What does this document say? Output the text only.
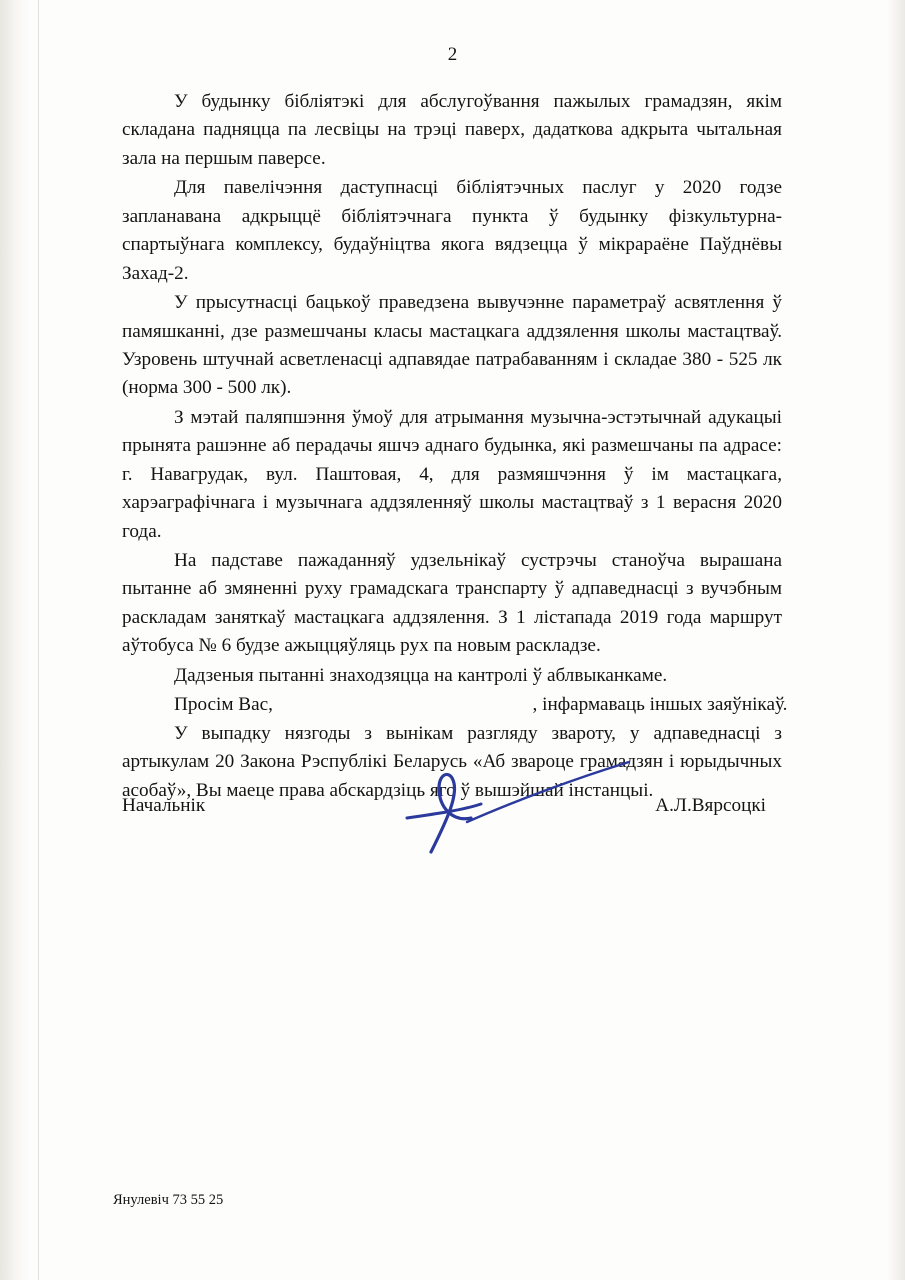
2

У будынку бібліятэкі для абслугоўвання пажылых грамадзян, якім складана падняцца па лесвіцы на трэці паверх, дадаткова адкрыта чытальная зала на першым паверсе.

Для павелічэння даступнасці бібліятэчных паслуг у 2020 годзе запланавана адкрыццё бібліятэчнага пункта ў будынку фізкультурна-спартыўнага комплексу, будаўніцтва якога вядзецца ў мікрараёне Паўднёвы Захад-2.

У прысутнасці бацькоў праведзена вывучэнне параметраў асвятлення ў памяшканні, дзе размешчаны класы мастацкага аддзялення школы мастацтваў. Узровень штучнай асветленасці адпавядае патрабаванням і складае 380 - 525 лк (норма 300 - 500 лк).

З мэтай паляпшэння ўмоў для атрымання музычна-эстэтычнай адукацыі прынята рашэнне аб перадачы яшчэ аднаго будынка, які размешчаны па адрасе: г. Навагрудак, вул. Паштовая, 4, для размяшчэння ў ім мастацкага, харэаграфічнага і музычнага аддзяленняў школы мастацтваў з 1 верасня 2020 года.

На падставе пажаданняў удзельнікаў сустрэчы станоўча вырашана пытанне аб змяненні руху грамадскага транспарту ў адпаведнасці з вучэбным раскладам заняткаў мастацкага аддзялення. З 1 лістапада 2019 года маршрут аўтобуса № 6 будзе ажыццяўляць рух па новым раскладзе.

Дадзеныя пытанні знаходзяцца на кантролі ў аблвыканкаме.

Просім Вас,	, інфармаваць іншых заяўнікаў.

У выпадку нязгоды з вынікам разгляду звароту, у адпаведнасці з артыкулам 20 Закона Рэспублікі Беларусь «Аб звароце грамадзян і юрыдычных асобаў», Вы маеце права абскардзіць яго ў вышэйшай інстанцыі.

Начальнік	А.Л.Вярсоцкі
Янулевіч 73 55 25
